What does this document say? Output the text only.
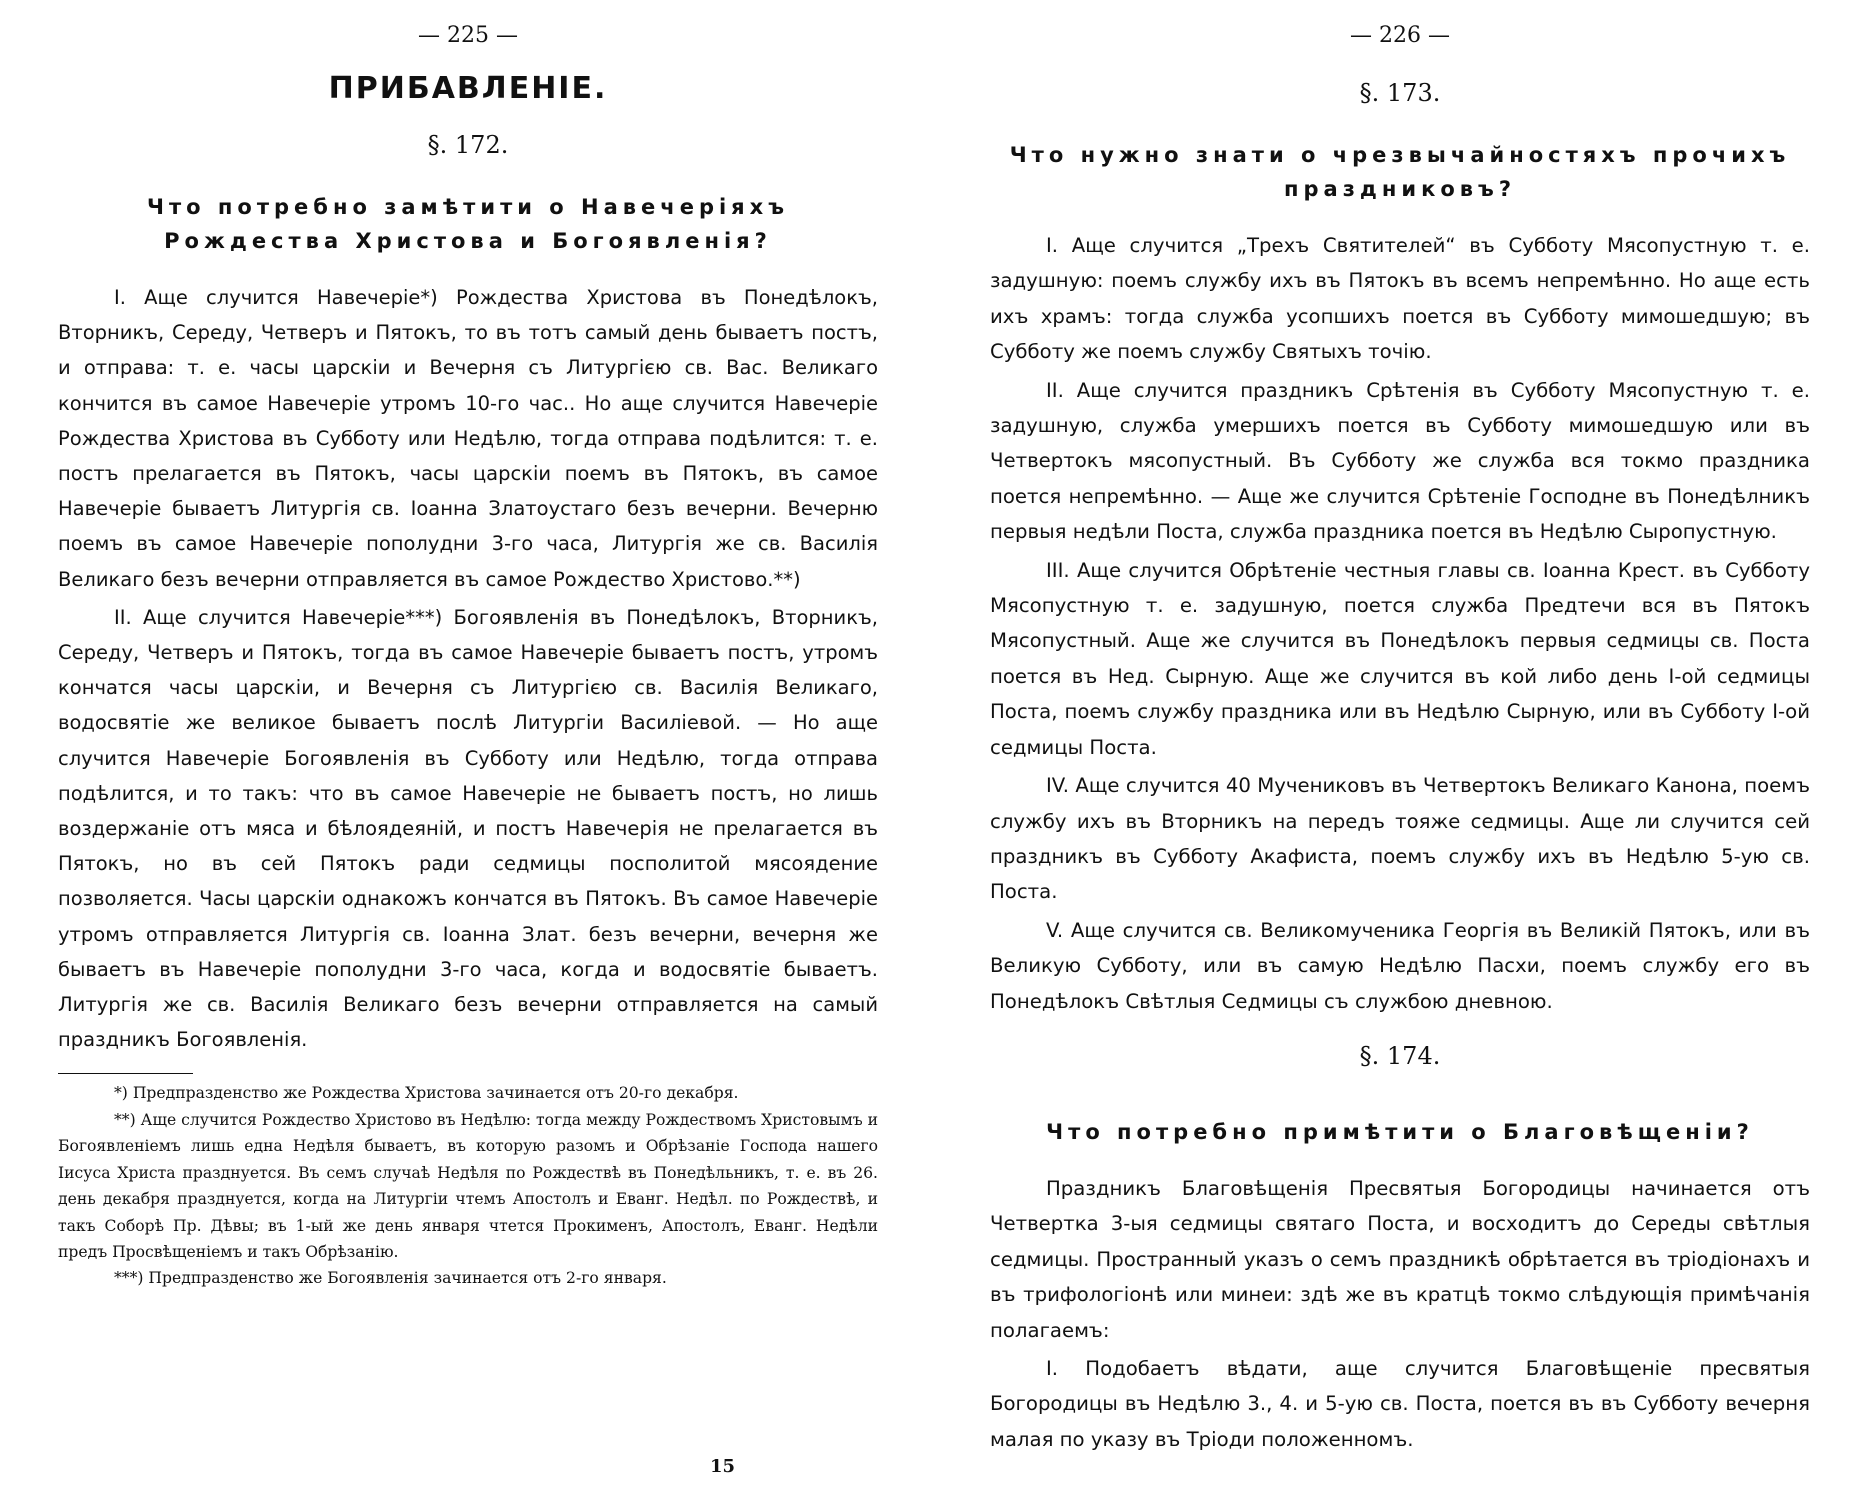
— 225 —
ПРИБАВЛЕНІЕ.
§. 172.
Что потребно замѣтити о Навечеріяхъ Рождества Христова и Богоявленія?

I. Аще случится Навечеріе*) Рождества Христова въ Понедѣлокъ, Вторникъ, Середу, Четверъ и Пятокъ, то въ тотъ самый день бываетъ постъ, и отправа: т. е. часы царскіи и Вечерня съ Литургією св. Вас. Великаго кончится въ самое Навечеріе утромъ 10-го час.. Но аще случится Навечеріе Рождества Христова въ Субботу или Недѣлю, тогда отправа подѣлится: т. е. постъ прелагается въ Пятокъ, часы царскіи поемъ въ Пятокъ, въ самое Навечеріе бываетъ Литургія св. Іоанна Златоустаго безъ вечерни. Вечерню поемъ въ самое Навечеріе пополудни 3-го часа, Литургія же св. Василія Великаго безъ вечерни отправляется въ самое Рождество Христово.**)

II. Аще случится Навечеріе***) Богоявленія въ Понедѣлокъ, Вторникъ, Середу, Четверъ и Пятокъ, тогда въ самое Навечеріе бываетъ постъ, утромъ кончатся часы царскіи, и Вечерня съ Литургією св. Василія Великаго, водосвятіе же великое бываетъ послѣ Литургіи Василіевой. — Но аще случится Навечеріе Богоявленія въ Субботу или Недѣлю, тогда отправа подѣлится, и то такъ: что въ самое Навечеріе не бываетъ постъ, но лишь воздержаніе отъ мяса и бѣлоядеяній, и постъ Навечерія не прелагается въ Пятокъ, но въ сей Пятокъ ради седмицы посполитой мясоядение позволяется. Часы царскіи однакожъ кончатся въ Пятокъ. Въ самое Навечеріе утромъ отправляется Литургія св. Іоанна Злат. безъ вечерни, вечерня же бываетъ въ Навечеріе пополудни 3-го часа, когда и водосвятіе бываетъ. Литургія же св. Василія Великаго безъ вечерни отправляется на самый праздникъ Богоявленія.

*) Предпразденство же Рождества Христова зачинается отъ 20-го декабря.

**) Аще случится Рождество Христово въ Недѣлю: тогда между Рождествомъ Христовымъ и Богоявленіемъ лишь една Недѣля бываетъ, въ которую разомъ и Обрѣзаніе Господа нашего Іисуса Христа празднуется. Въ семъ случаѣ Недѣля по Рождествѣ въ Понедѣльникъ, т. е. въ 26. день декабря празднуется, когда на Литургіи чтемъ Апостолъ и Еванг. Недѣл. по Рождествѣ, и такъ Соборѣ Пр. Дѣвы; въ 1-ый же день января чтется Прокименъ, Апостолъ, Еванг. Недѣли предъ Просвѣщеніемъ и такъ Обрѣзанію.

***) Предпразденство же Богоявленія зачинается отъ 2-го января.

15
— 226 —
§. 173.
Что нужно знати о чрезвычайностяхъ прочихъ праздниковъ?

I. Аще случится „Трехъ Святителей“ въ Субботу Мясопустную т. е. задушную: поемъ службу ихъ въ Пятокъ въ всемъ непремѣнно. Но аще есть ихъ храмъ: тогда служба усопшихъ поется въ Субботу мимошедшую; въ Субботу же поемъ службу Святыхъ точію.

II. Аще случится праздникъ Срѣтенія въ Субботу Мясопустную т. е. задушную, служба умершихъ поется въ Субботу мимошедшую или въ Четвертокъ мясопустный. Въ Субботу же служба вся токмо праздника поется непремѣнно. — Аще же случится Срѣтеніе Господне въ Понедѣлникъ первыя недѣли Поста, служба праздника поется въ Недѣлю Сыропустную.

III. Аще случится Обрѣтеніе честныя главы св. Іоанна Крест. въ Субботу Мясопустную т. е. задушную, поется служба Предтечи вся въ Пятокъ Мясопустный. Аще же случится въ Понедѣлокъ первыя седмицы св. Поста поется въ Нед. Сырную. Аще же случится въ кой либо день І-ой седмицы Поста, поемъ службу праздника или въ Недѣлю Сырную, или въ Субботу І-ой седмицы Поста.

IV. Аще случится 40 Мучениковъ въ Четвертокъ Великаго Канона, поемъ службу ихъ въ Вторникъ на передъ тояже седмицы. Аще ли случится сей праздникъ въ Субботу Акафиста, поемъ службу ихъ въ Недѣлю 5-ую св. Поста.

V. Аще случится св. Великомученика Георгія въ Великій Пятокъ, или въ Великую Субботу, или въ самую Недѣлю Пасхи, поемъ службу его въ Понедѣлокъ Свѣтлыя Седмицы съ службою дневною.

§. 174.
Что потребно примѣтити о Благовѣщеніи?

Праздникъ Благовѣщенія Пресвятыя Богородицы начинается отъ Четвертка 3-ыя седмицы святаго Поста, и восходитъ до Середы свѣтлыя седмицы. Пространный указъ о семъ праздникѣ обрѣтается въ тріодіонахъ и въ трифологіонѣ или минеи: здѣ же въ кратцѣ токмо слѣдующія примѣчанія полагаемъ:

I. Подобаетъ вѣдати, аще случится Благовѣщеніе пресвятыя Богородицы въ Недѣлю 3., 4. и 5-ую св. Поста, поется въ въ Субботу вечерня малая по указу въ Тріоди положенномъ.
